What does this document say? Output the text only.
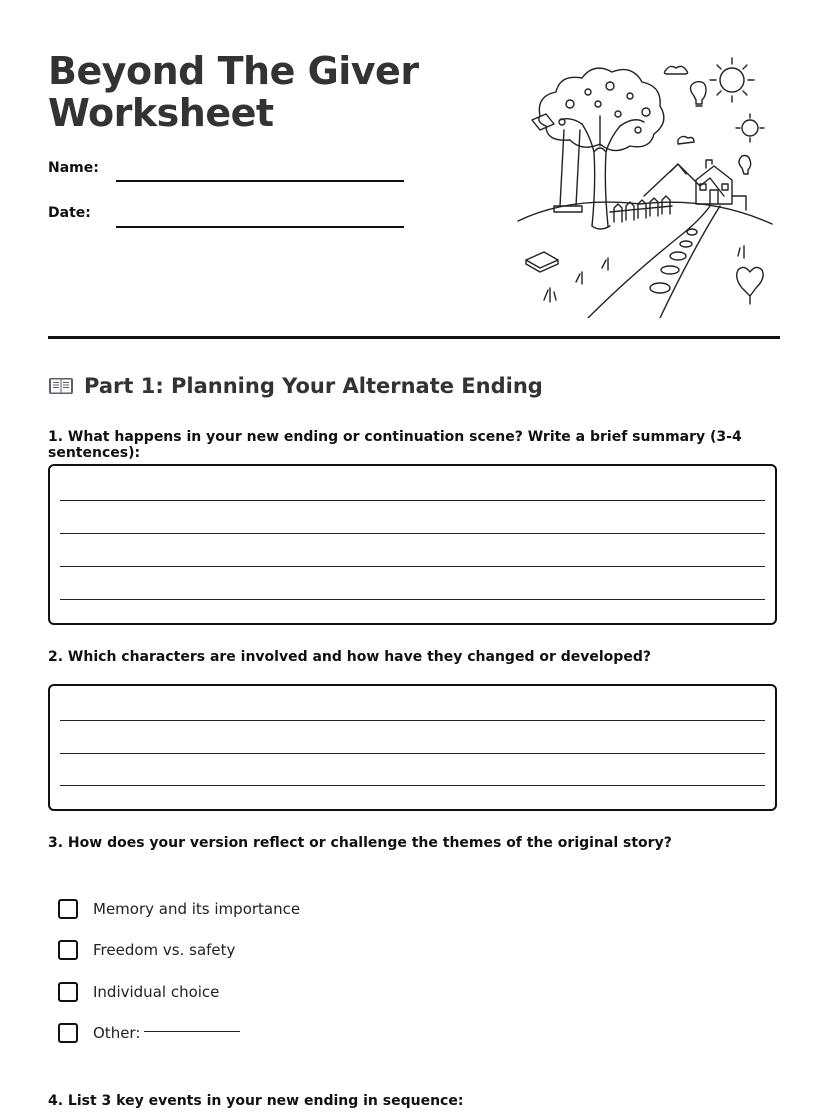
Beyond The Giver
Worksheet
Name:
Date:
Part 1: Planning Your Alternate Ending

1. What happens in your new ending or continuation scene? Write a brief summary (3-4 sentences):

2. Which characters are involved and how have they changed or developed?

3. How does your version reflect or challenge the themes of the original story?

Memory and its importance
Freedom vs. safety
Individual choice
Other:

4. List 3 key events in your new ending in sequence:
